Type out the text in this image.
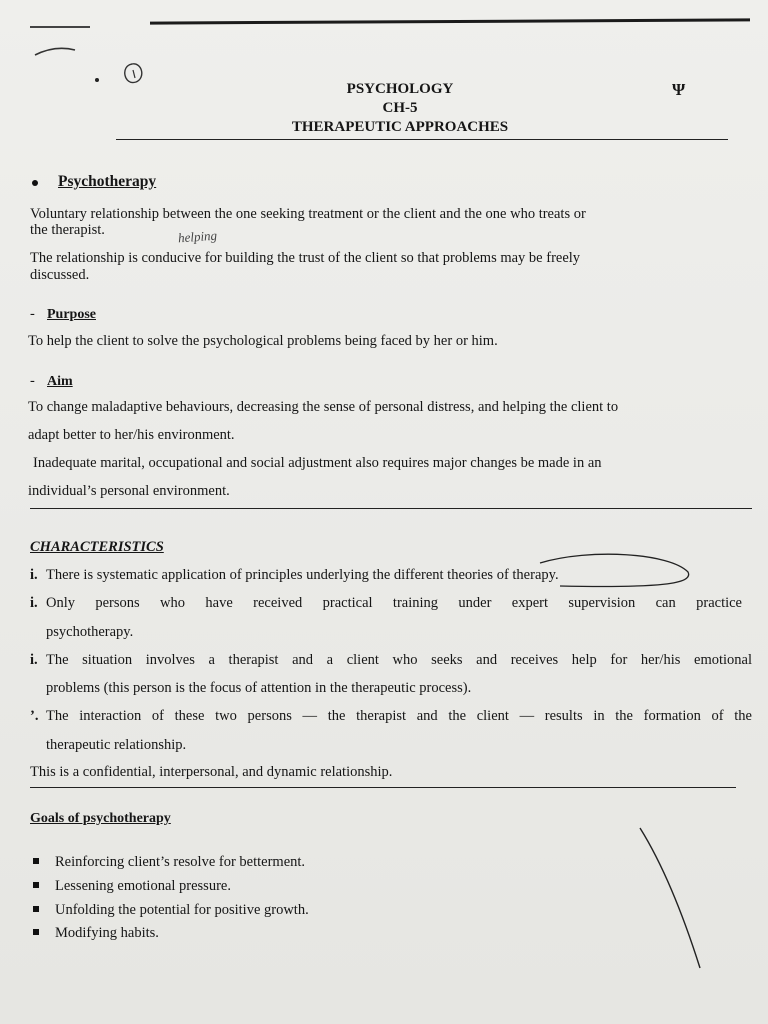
PSYCHOLOGY
CH-5
THERAPEUTIC APPROACHES
Ψ
Psychotherapy
Voluntary relationship between the one seeking treatment or the client and the one who treats or
the therapist.	helping
The relationship is conducive for building the trust of the client so that problems may be freely
discussed.
- Purpose
To help the client to solve the psychological problems being faced by her or him.
- Aim
To change maladaptive behaviours, decreasing the sense of personal distress, and helping the client to
adapt better to her/his environment.
Inadequate marital, occupational and social adjustment also requires major changes be made in an
individual’s personal environment.
CHARACTERISTICS
i. There is systematic application of principles underlying the different theories of therapy.
i. Only persons who have received practical training under expert supervision can practice
psychotherapy.
i. The situation involves a therapist and a client who seeks and receives help for her/his emotional
problems (this person is the focus of attention in the therapeutic process).
’. The interaction of these two persons — the therapist and the client — results in the formation of the
therapeutic relationship.
This is a confidential, interpersonal, and dynamic relationship.
Goals of psychotherapy
Reinforcing client’s resolve for betterment.
Lessening emotional pressure.
Unfolding the potential for positive growth.
Modifying habits.
